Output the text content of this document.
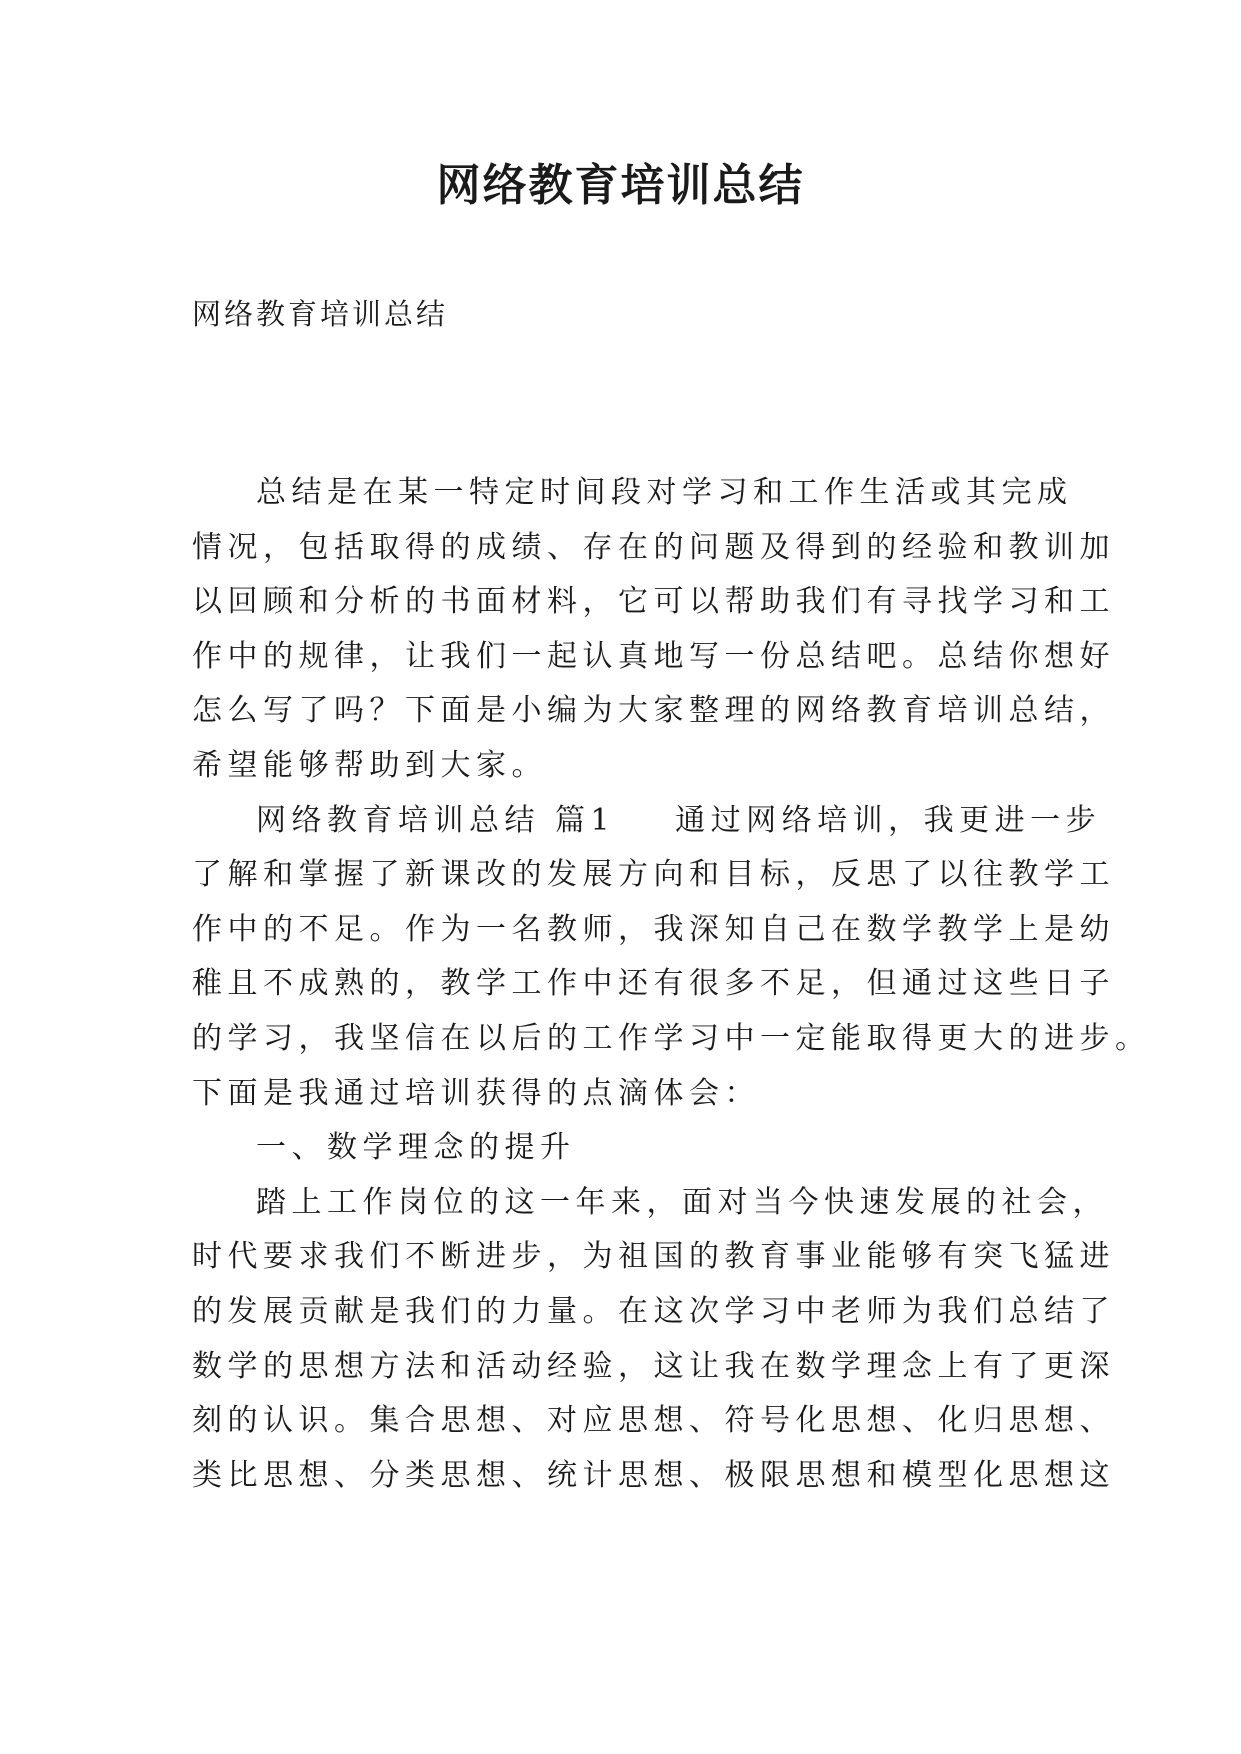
网络教育培训总结

网络教育培训总结

总结是在某一特定时间段对学习和工作生活或其完成
情况，包括取得的成绩、存在的问题及得到的经验和教训加
以回顾和分析的书面材料，它可以帮助我们有寻找学习和工
作中的规律，让我们一起认真地写一份总结吧。总结你想好
怎么写了吗？下面是小编为大家整理的网络教育培训总结，
希望能够帮助到大家。
网络教育培训总结 篇1 通过网络培训，我更进一步
了解和掌握了新课改的发展方向和目标，反思了以往教学工
作中的不足。作为一名教师，我深知自己在数学教学上是幼
稚且不成熟的，教学工作中还有很多不足，但通过这些日子
的学习，我坚信在以后的工作学习中一定能取得更大的进步。
下面是我通过培训获得的点滴体会：
一、数学理念的提升
踏上工作岗位的这一年来，面对当今快速发展的社会，
时代要求我们不断进步，为祖国的教育事业能够有突飞猛进
的发展贡献是我们的力量。在这次学习中老师为我们总结了
数学的思想方法和活动经验，这让我在数学理念上有了更深
刻的认识。集合思想、对应思想、符号化思想、化归思想、
类比思想、分类思想、统计思想、极限思想和模型化思想这
